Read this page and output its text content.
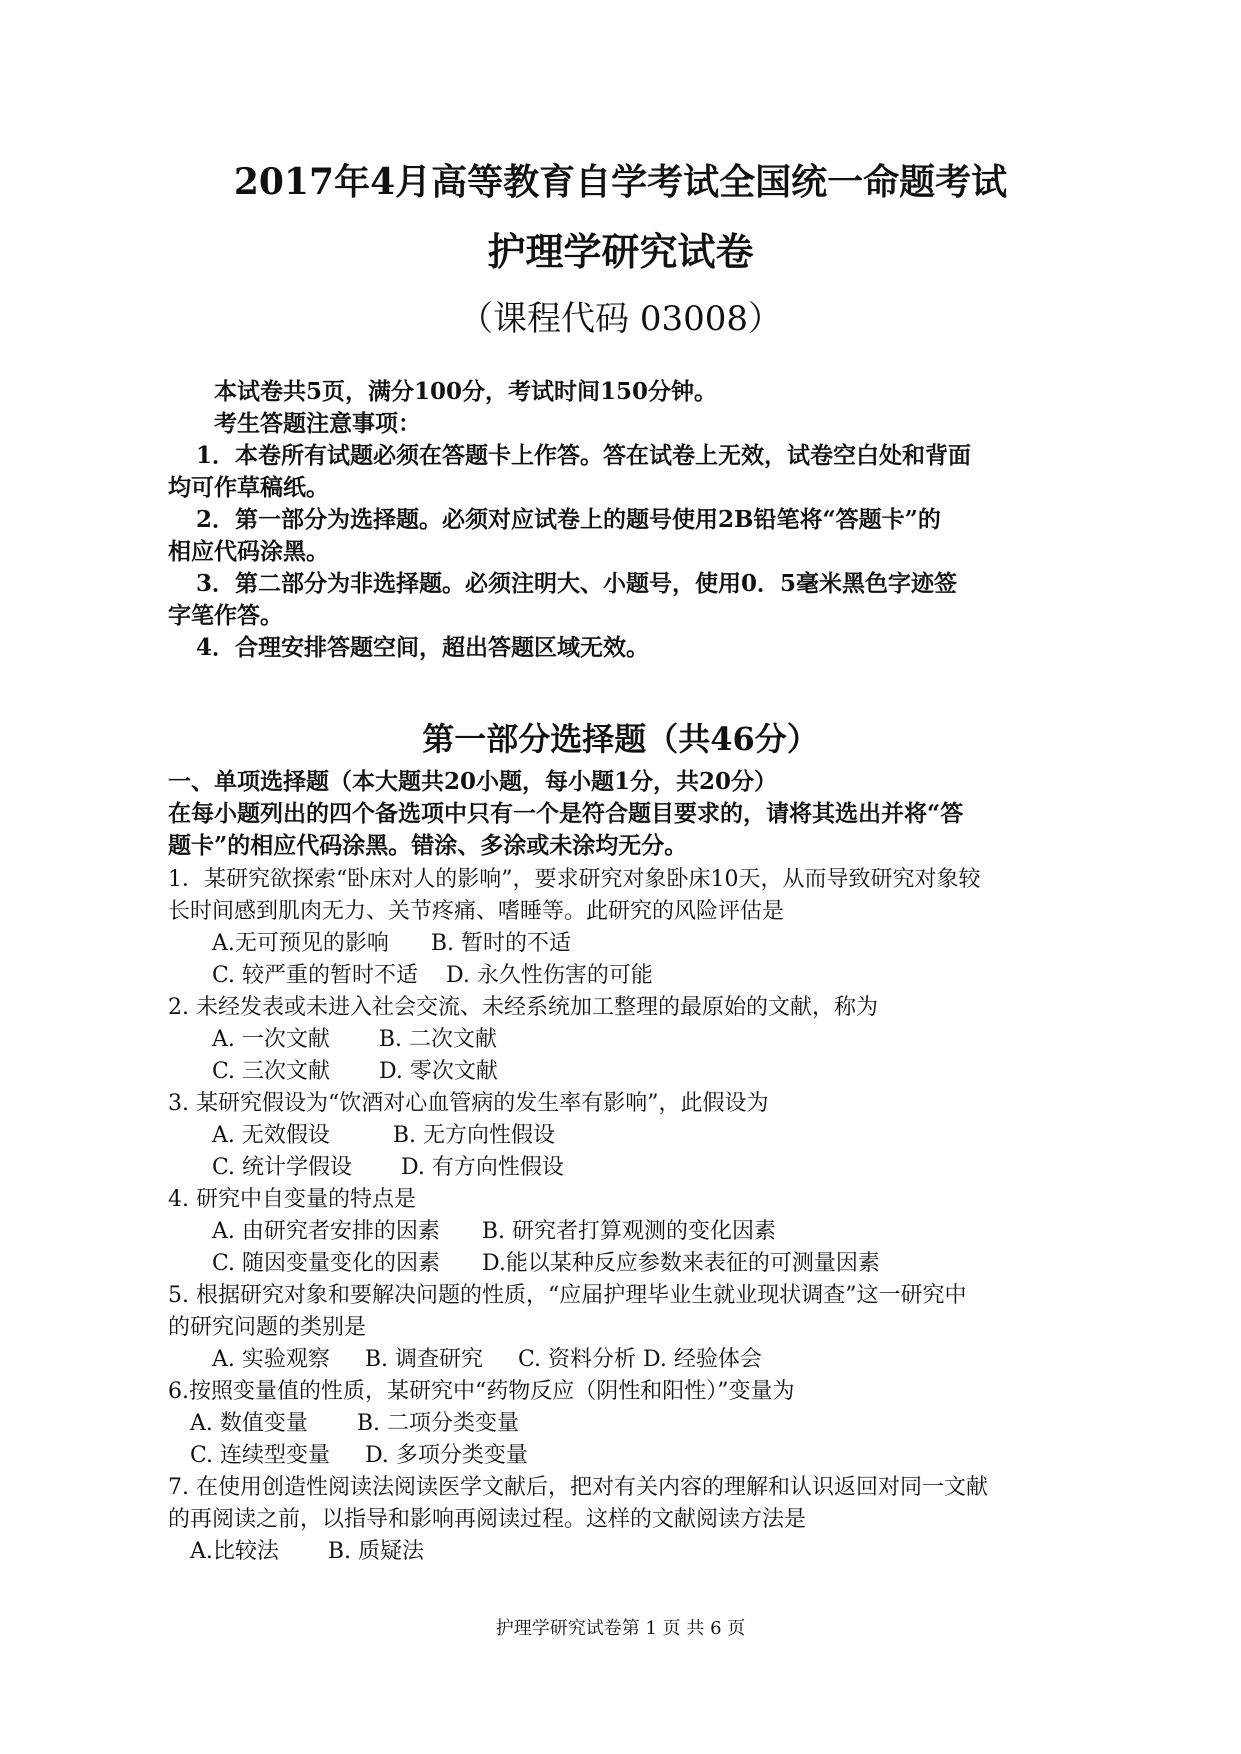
2017年4月高等教育自学考试全国统一命题考试
护理学研究试卷
（课程代码 03008）

本试卷共5页，满分100分，考试时间150分钟。

考生答题注意事项：

1．本卷所有试题必须在答题卡上作答。答在试卷上无效，试卷空白处和背面

均可作草稿纸。

2．第一部分为选择题。必须对应试卷上的题号使用2B铅笔将“答题卡”的

相应代码涂黑。

3．第二部分为非选择题。必须注明大、小题号，使用0．5毫米黑色字迹签

字笔作答。

4．合理安排答题空间，超出答题区域无效。

第一部分选择题（共46分）

一、单项选择题（本大题共20小题，每小题1分，共20分）

在每小题列出的四个备选项中只有一个是符合题目要求的，请将其选出并将“答

题卡”的相应代码涂黑。错涂、多涂或未涂均无分。

1．某研究欲探索“卧床对人的影响”，要求研究对象卧床10天，从而导致研究对象较

长时间感到肌肉无力、关节疼痛、嗜睡等。此研究的风险评估是

A.无可预见的影响      B. 暂时的不适

C. 较严重的暂时不适    D. 永久性伤害的可能

2. 未经发表或未进入社会交流、未经系统加工整理的最原始的文献，称为

A. 一次文献       B. 二次文献

C. 三次文献       D. 零次文献

3. 某研究假设为“饮酒对心血管病的发生率有影响”，此假设为

A. 无效假设         B. 无方向性假设

C. 统计学假设       D. 有方向性假设

4. 研究中自变量的特点是

A. 由研究者安排的因素      B. 研究者打算观测的变化因素

C. 随因变量变化的因素      D.能以某种反应参数来表征的可测量因素

5. 根据研究对象和要解决问题的性质，“应届护理毕业生就业现状调查”这一研究中

的研究问题的类别是

A. 实验观察     B. 调查研究     C. 资料分析 D. 经验体会

6.按照变量值的性质，某研究中“药物反应（阴性和阳性）”变量为

A. 数值变量       B. 二项分类变量

C. 连续型变量     D. 多项分类变量

7. 在使用创造性阅读法阅读医学文献后，把对有关内容的理解和认识返回对同一文献

的再阅读之前，以指导和影响再阅读过程。这样的文献阅读方法是

A.比较法       B. 质疑法

护理学研究试卷第 1 页 共 6 页
